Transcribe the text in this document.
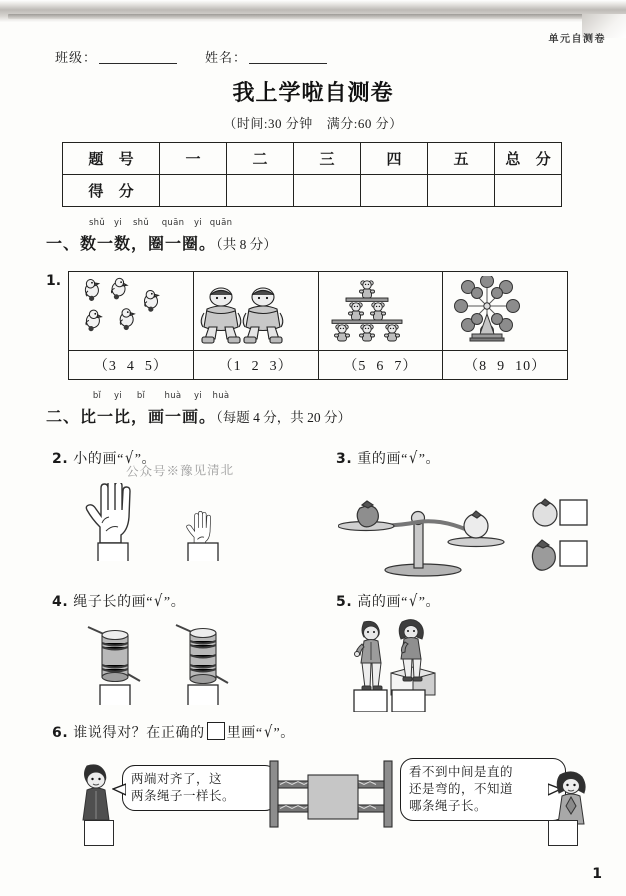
单元自测卷
班级：	姓名：
我上学啦自测卷
（时间:30 分钟 满分:60 分）
题 号	一	二	三	四	五	总 分
得 分						
shǔ yi shǔ quān yi quān
一、数一数，圈一圈。（共 8 分）
1.

（3 4 5）	（1 2 3）	（5 6 7）	（8 9 10）
bǐ yi bǐ huà yi huà
二、比一比，画一画。（每题 4 分，共 20 分）
2. 小的画“√”。
公众号※豫见清北
3. 重的画“√”。
4. 绳子长的画“√”。	5. 高的画“√”。
6. 谁说得对？在正确的 里画“√”。
两端对齐了，这
两条绳子一样长。
看不到中间是直的
还是弯的，不知道
哪条绳子长。
1
